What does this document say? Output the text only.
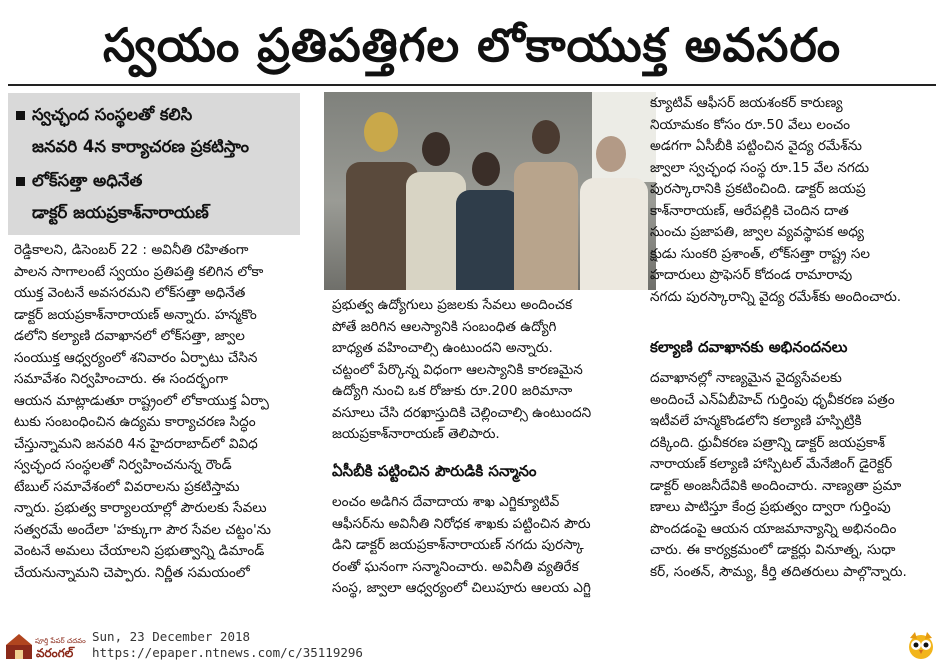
స్వయం ప్రతిపత్తిగల లోకాయుక్త అవసరం
స్వచ్ఛంద సంస్థలతో కలిసి
జనవరి 4న కార్యాచరణ ప్రకటిస్తాం
లోక్‌సత్తా అధినేత
డాక్టర్ జయప్రకాశ్‌నారాయణ్

రెడ్డికాలని, డిసెంబర్ 22 : అవినీతి రహితంగా

పాలన సాగాలంటే స్వయం ప్రతిపత్తి కలిగిన లోకా

యుక్త వెంటనే అవసరమని లోక్‌సత్తా అధినేత

డాక్టర్ జయప్రకాశ్‌నారాయణ్ అన్నారు. హన్మకొం

డలోని కల్యాణి దవాఖానలో లోక్‌సత్తా, జ్వాల

సంయుక్త ఆధ్వర్యంలో శనివారం ఏర్పాటు చేసిన

సమావేశం నిర్వహించారు. ఈ సందర్భంగా

ఆయన మాట్లాడుతూ రాష్ట్రంలో లోకాయుక్త ఏర్పా

టుకు సంబంధించిన ఉద్యమ కార్యాచరణ సిద్ధం

చేస్తున్నామని జనవరి 4న హైదరాబాద్‌లో వివిధ

స్వచ్ఛంద సంస్థలతో నిర్వహించనున్న రౌండ్

టేబుల్ సమావేశంలో వివరాలను ప్రకటిస్తామ

న్నారు. ప్రభుత్వ కార్యాలయాల్లో పౌరులకు సేవలు

సత్వరమే అందేలా 'హక్కుగా పౌర సేవల చట్టం'ను

వెంటనే అమలు చేయాలని ప్రభుత్వాన్ని డిమాండ్

చేయనున్నామని చెప్పారు. నిర్ణీత సమయంలో

ప్రభుత్వ ఉద్యోగులు ప్రజలకు సేవలు అందించక

పోతే జరిగిన ఆలస్యానికి సంబంధిత ఉద్యోగి

బాధ్యత వహించాల్సి ఉంటుందని అన్నారు.

చట్టంలో పేర్కొన్న విధంగా ఆలస్యానికి కారణమైన

ఉద్యోగి నుంచి ఒక రోజుకు రూ.200 జరిమానా

వసూలు చేసి దరఖాస్తుదికి చెల్లించాల్సి ఉంటుందని

జయప్రకాశ్‌నారాయణ్ తెలిపారు.

ఏసీబీకి పట్టించిన పౌరుడికి సన్మానం

లంచం అడిగిన దేవాదాయ శాఖ ఎగ్జిక్యూటివ్

ఆఫీసర్‌ను అవినీతి నిరోధక శాఖకు పట్టించిన పౌరు

డిని డాక్టర్ జయప్రకాశ్‌నారాయణ్ నగదు పురస్కా

రంతో ఘనంగా సన్మానించారు. అవినీతి వ్యతిరేక

సంస్థ, జ్వాలా ఆధ్వర్యంలో చిలుపూరు ఆలయ ఎగ్జి

క్యూటివ్ ఆఫీసర్ జయశంకర్ కారుణ్య

నియామకం కోసం రూ.50 వేలు లంచం

అడగగా ఏసీబీకి పట్టించిన వైద్య రమేశ్‌ను

జ్వాలా స్వచ్ఛంధ సంస్థ రూ.15 వేల నగదు

పురస్కారానికి ప్రకటించింది. డాక్టర్ జయప్ర

కాశ్‌నారాయణ్, ఆరేపల్లికి చెందిన దాత

సుంచు ప్రజాపతి, జ్వాల వ్యవస్థాపక అధ్య

క్షుడు సుంకరి ప్రశాంత్, లోక్‌సత్తా రాష్ట్ర సల

హదారులు ప్రొఫెసర్ కోదండ రామారావు

నగదు పురస్కారాన్ని వైద్య రమేశ్‌కు అందించారు.

కల్యాణి దవాఖానకు అభినందనలు

దవాఖానల్లో నాణ్యమైన వైద్యసేవలకు

అందించే ఎన్ఏబీహెచ్ గుర్తింపు ధృవీకరణ పత్రం

ఇటీవలే హన్మకొండలోని కల్యాణి హస్పిట్రికి

దక్కింది. ధ్రువీకరణ పత్రాన్ని డాక్టర్ జయప్రకాశ్

నారాయణ్ కల్యాణి హాస్పిటల్ మేనేజింగ్ డైరెక్టర్

డాక్టర్ అంజనీదేవికి అందించారు. నాణ్యతా ప్రమా

ణాలు పాటిస్తూ కేంద్ర ప్రభుత్వం ద్వారా గుర్తింపు

పొందడంపై ఆయన యాజమాన్యాన్ని అభినందిం

చారు. ఈ కార్యక్రమంలో డాక్టర్లు వినూత్న, సుధా

కర్, సంతన్, సౌమ్య, కీర్తి తదితరులు పాల్గొన్నారు.

పూర్తి పేపర్ చదవండి
వరంగల్
Sun, 23 December 2018
https://epaper.ntnews.com/c/35119296
